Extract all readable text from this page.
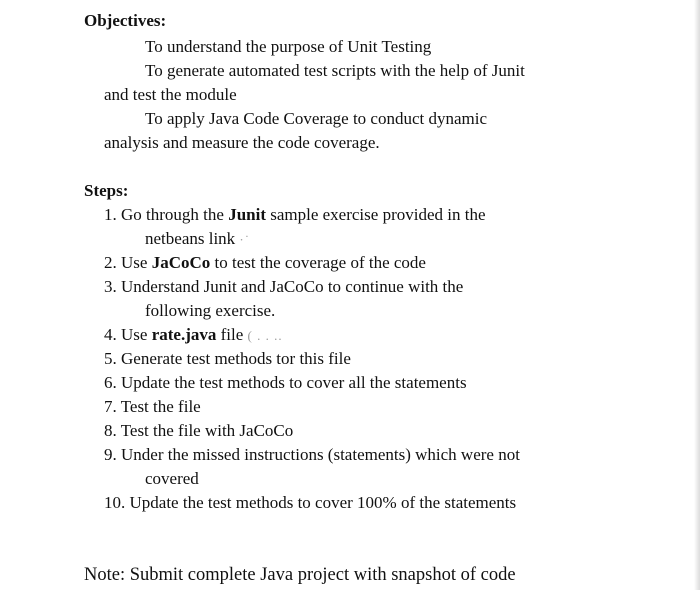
Objectives:
To understand the purpose of Unit Testing
To generate automated test scripts with the help of Junit
and test the module
To apply Java Code Coverage to conduct dynamic
analysis and measure the code coverage.
Steps:
1. Go through the Junit sample exercise provided in the
netbeans link ·˙
2. Use JaCoCo to test the coverage of the code
3. Understand Junit and JaCoCo to continue with the
following exercise.
4. Use rate.java file ( . . ..
5. Generate test methods tor this file
6. Update the test methods to cover all the statements
7. Test the file
8. Test the file with JaCoCo
9. Under the missed instructions (statements) which were not
covered
10. Update the test methods to cover 100% of the statements
Note: Submit complete Java project with snapshot of code
